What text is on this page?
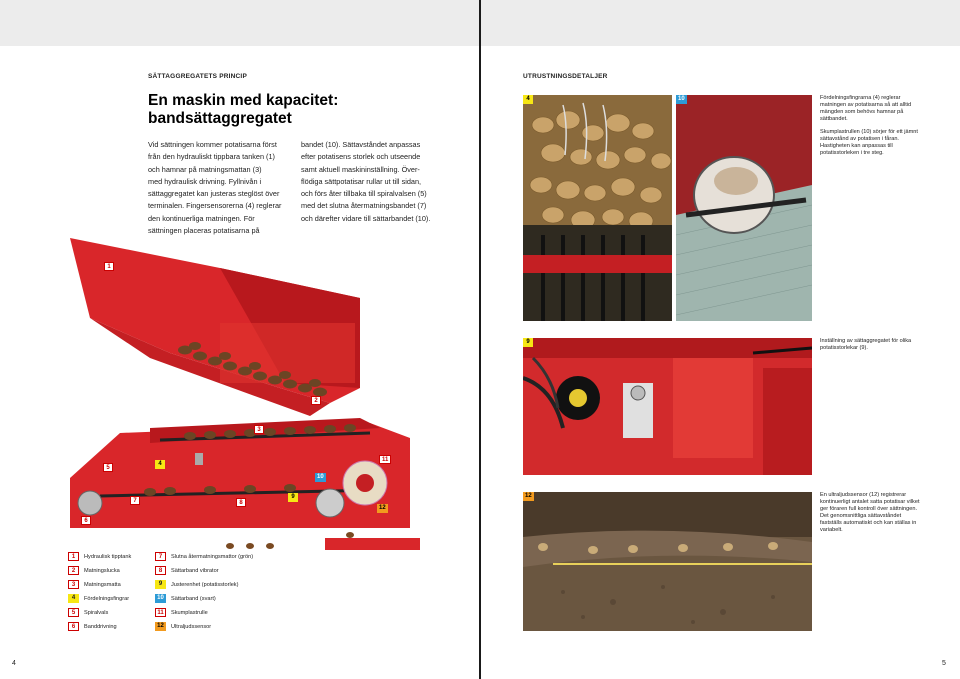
SÄTTAGGREGATETS PRINCIP
En maskin med kapacitet:
bandsättaggregatet
Vid sättningen kommer potatisarna först
från den hydrauliskt tippbara tanken (1)
och hamnar på matningsmattan (3)
med hydraulisk drivning. Fyllnivån i
sättaggregatet kan justeras steglöst över
terminalen. Fingersensorerna (4) reglerar
den kontinuerliga matningen. För
sättningen placeras potatisarna på
bandet (10). Sättavståndet anpassas
efter potatisens storlek och utseende
samt aktuell maskininställning. Över-
flödiga sättpotatisar rullar ut till sidan,
och förs åter tillbaka till spiralvalsen (5)
med det slutna återmatningsbandet (7)
och därefter vidare till sättarbandet (10).
1
2
3
4
5
6
7	8
9
10
11
12
1	Hydraulisk tipptank
2	Matningslucka
3	Matningsmatta
4	Fördelningsfingrar
5	Spiralvals
6	Banddrivning
7	Slutna återmatningsmattor (grön)
8	Sättarband vibrator
9	Justerenhet (potatisstorlek)
10	Sättarband (svart)
11	Skumplastrulle
12	Ultraljudssensor
4
UTRUSTNINGSDETALJER
4	10	Fördelningsfingrarna (4) reglerar matningen av potatisarna så att alltid mängden som behövs hamnar på sättbandet.
Skumplastrullen (10) sörjer för ett jämnt sättavstånd av potatisen i fåran. Hastigheten kan anpassas till potatisstorleken i tre steg.
9	Inställning av sättaggregatet för olika potatisstorlekar (9).
12	En ultraljudssensor (12) registrerar kontinuerligt antalet satta potatisar vilket ger föraren full kontroll över sättningen. Det genomsnittliga sättavståndet fastställs automatiskt och kan ställas in variabelt.
5
